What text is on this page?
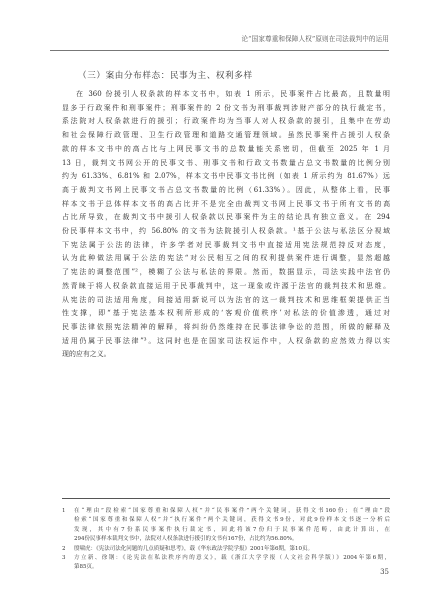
论“国家尊重和保障人权”原则在司法裁判中的运用
（三）案由分布样态：民事为主、权利多样

在 360 份援引人权条款的样本文书中，如表 1 所示，民事案件占比最高，且数量明
显多于行政案件和刑事案件；刑事案件的 2 份文书为刑事裁判涉财产部分的执行裁定书，
系法院对人权条款进行的援引；行政案件均为当事人对人权条款的援引，且集中在劳动
和社会保障行政管理、卫生行政管理和道路交通管理领域。虽然民事案件占援引人权条
款的样本文书中的高占比与上网民事文书的总数量能关系密切，但截至 2025 年 1 月
13 日，裁判文书网公开的民事文书、刑事文书和行政文书数量占总文书数量的比例分别
约为 61.33%、6.81% 和 2.07%，样本文书中民事文书比例（如表 1 所示约为 81.67%）远
高于裁判文书网上民事文书占总文书数量的比例（61.33%）。因此，从整体上看，民事
样本文书于总体样本文书的高占比并不是完全由裁判文书网上民事文书于所有文书的高
占比所导致，在裁判文书中援引人权条款以民事案件为主的结论具有独立意义。在 294
份民事样本文书中，约 56.80% 的文书为法院援引人权条款。¹基于公法与私法区分视域
下宪法属于公法的法律，许多学者对民事裁判文书中直接适用宪法规范持反对态度，
认为此种做法用属于公法的宪法“对公民相互之间的权利提供案件进行调整，显然超越
了宪法的调整范围”²，模糊了公法与私法的界限。然而，数据显示，司法实践中法官仍
然青睐于将人权条款直接运用于民事裁判中，这一现象或许源于法官的裁判技术和思维。
从宪法的司法适用角度，间接适用新说可以为法官的这一裁判技术和思维框架提供正当
性支撑，即“基于宪法基本权利所形成的‘客观价值秩序’对私法的价值渗透，通过对
民事法律依照宪法精神的解释，将纠纷仍然维持在民事法律争讼的范围，所做的解释及
适用仍属于民事法律”³。这同时也是在国家司法权运作中，人权条款的应然效力得以实
现的应有之义。

1 在“理由”段检索“国家尊重和保障人权”并“民事案件”两个关键词，获得文书160份；在“理由”段
检索“国家尊重和保障人权”并“执行案件”两个关键词，获得文书9份，对此9份样本文书逐一分析后
发现，其中有7份系民事案件执行裁定书，因此将该7份归于民事案件范畴，由此计算出，在
294份民事样本裁判文书中，法院对人权条款进行援引的文书有167份，占比约为56.80%。
2 殷啸虎：《宪法司法化问题的几点质疑和思考》，载《华东政法学院学报》2001年第6期，第10页。
3 方立新、徐钢：《论宪法在私法秩序内的意义》，载《浙江大学学报（人文社会科学版）》2004年第6期，
第85页。
35
